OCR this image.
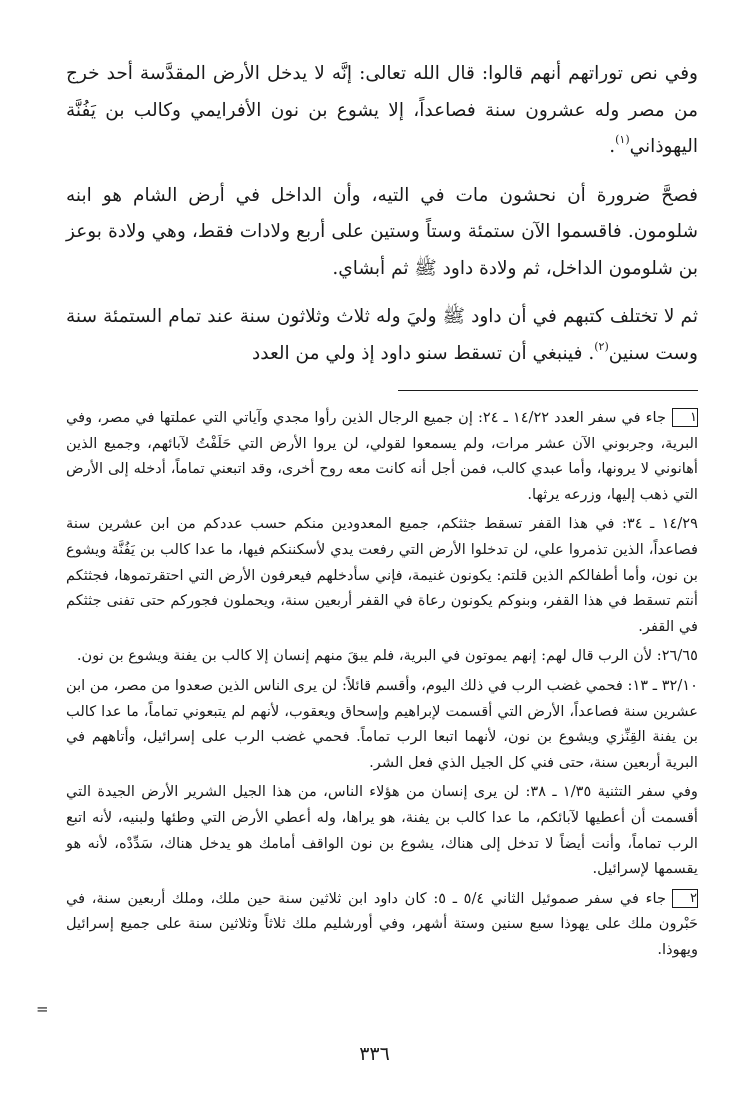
وفي نص توراتهم أنهم قالوا: قال الله تعالى: إنَّه لا يدخل الأرض المقدَّسة أحد خرج من مصر وله عشرون سنة فصاعداً، إلا يشوع بن نون الأفرايمي وكالب بن يَفُنَّة اليهوذاني$^{(١)}$.

فصحَّ ضرورة أن نحشون مات في التيه، وأن الداخل في أرض الشام هو ابنه شلومون. فاقسموا الآن ستمئة وستاً وستين على أربع ولادات فقط، وهي ولادة بوعز بن شلومون الداخل، ثم ولادة داود ﷺ ثم أبشاي.

ثم لا تختلف كتبهم في أن داود ﷺ وليَ وله ثلاث وثلاثون سنة عند تمام الستمئة سنة وست سنين$^{(٢)}$. فينبغي أن تسقط سنو داود إذ ولي من العدد

١جاء في سفر العدد ١٤/٢٢ ـ ٢٤: إن جميع الرجال الذين رأوا مجدي وآياتي التي عملتها في مصر، وفي البرية، وجربوني الآن عشر مرات، ولم يسمعوا لقولي، لن يروا الأرض التي حَلَفْتُ لآبائهم، وجميع الذين أهانوني لا يرونها، وأما عبدي كالب، فمن أجل أنه كانت معه روح أخرى، وقد اتبعني تماماً، أدخله إلى الأرض التي ذهب إليها، وزرعه يرثها.

١٤/٢٩ ـ ٣٤: في هذا القفر تسقط جثثكم، جميع المعدودين منكم حسب عددكم من ابن عشرين سنة فصاعداً، الذين تذمروا علي، لن تدخلوا الأرض التي رفعت يدي لأسكننكم فيها، ما عدا كالب بن يَفُنَّة ويشوع بن نون، وأما أطفالكم الذين قلتم: يكونون غنيمة، فإني سأدخلهم فيعرفون الأرض التي احتقرتموها، فجثثكم أنتم تسقط في هذا القفر، وبنوكم يكونون رعاة في القفر أربعين سنة، ويحملون فجوركم حتى تفنى جثثكم في القفر.

٢٦/٦٥: لأن الرب قال لهم: إنهم يموتون في البرية، فلم يبقَ منهم إنسان إلا كالب بن يفنة ويشوع بن نون.

٣٢/١٠ ـ ١٣: فحمي غضب الرب في ذلك اليوم، وأقسم قائلاً: لن يرى الناس الذين صعدوا من مصر، من ابن عشرين سنة فصاعداً، الأرض التي أقسمت لإبراهيم وإسحاق ويعقوب، لأنهم لم يتبعوني تماماً، ما عدا كالب بن يفنة القِنِّزي ويشوع بن نون، لأنهما اتبعا الرب تماماً. فحمي غضب الرب على إسرائيل، وأتاههم في البرية أربعين سنة، حتى فني كل الجيل الذي فعل الشر.

وفي سفر التثنية ١/٣٥ ـ ٣٨: لن يرى إنسان من هؤلاء الناس، من هذا الجيل الشرير الأرض الجيدة التي أقسمت أن أعطيها لآبائكم، ما عدا كالب بن يفنة، هو يراها، وله أعطي الأرض التي وطئها ولبنيه، لأنه اتبع الرب تماماً، وأنت أيضاً لا تدخل إلى هناك، يشوع بن نون الواقف أمامك هو يدخل هناك، سَدِّدْه، لأنه هو يقسمها لإسرائيل.

٢جاء في سفر صموئيل الثاني ٥/٤ ـ ٥: كان داود ابن ثلاثين سنة حين ملك، وملك أربعين سنة، في حَبْرون ملك على يهوذا سبع سنين وستة أشهر، وفي أورشليم ملك ثلاثاً وثلاثين سنة على جميع إسرائيل ويهوذا.

=
٣٣٦
